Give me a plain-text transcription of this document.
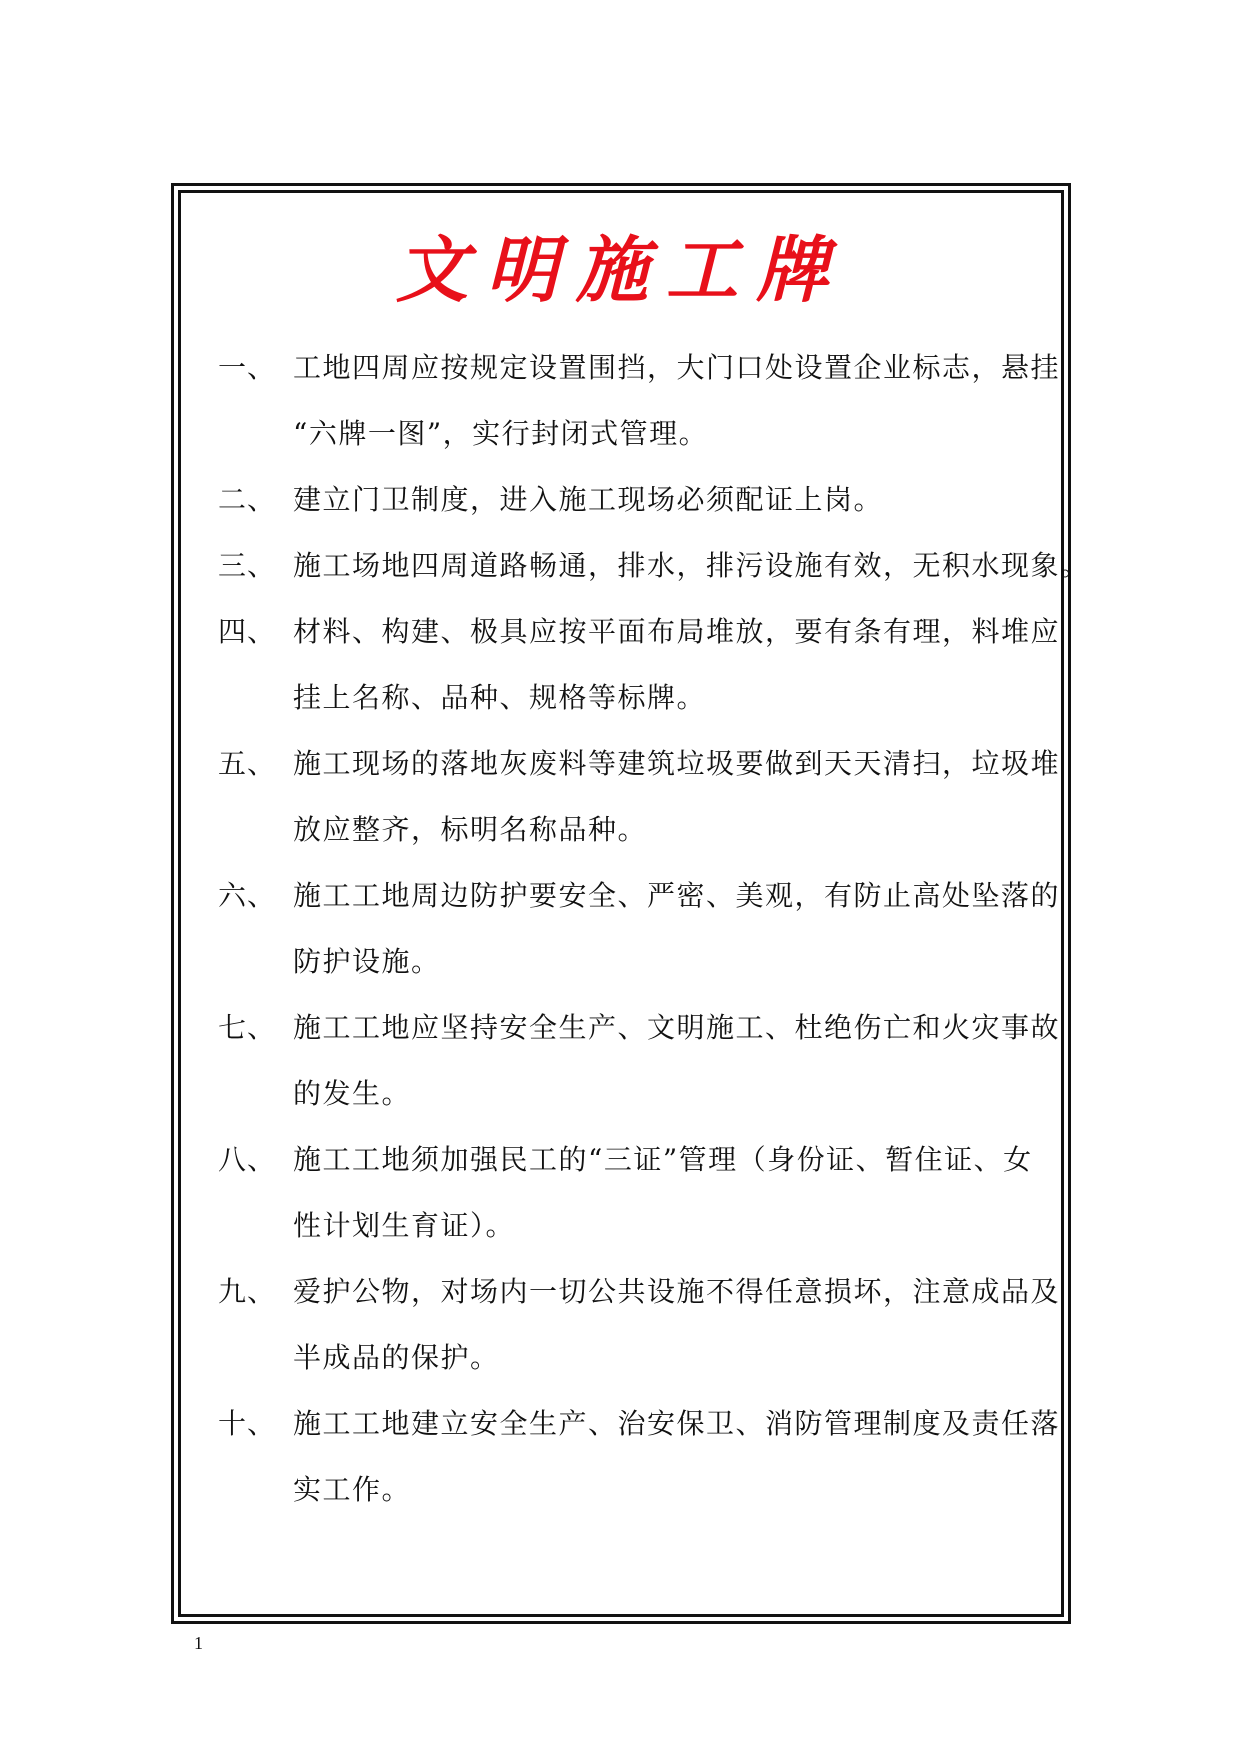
文明施工牌
一、 工地四周应按规定设置围挡，大门口处设置企业标志，悬挂
“六牌一图”，实行封闭式管理。
二、 建立门卫制度，进入施工现场必须配证上岗。
三、 施工场地四周道路畅通，排水，排污设施有效，无积水现象。
四、 材料、构建、极具应按平面布局堆放，要有条有理，料堆应
挂上名称、品种、规格等标牌。
五、 施工现场的落地灰废料等建筑垃圾要做到天天清扫，垃圾堆
放应整齐，标明名称品种。
六、 施工工地周边防护要安全、严密、美观，有防止高处坠落的
防护设施。
七、 施工工地应坚持安全生产、文明施工、杜绝伤亡和火灾事故
的发生。
八、 施工工地须加强民工的“三证”管理（身份证、暂住证、女
性计划生育证）。
九、 爱护公物，对场内一切公共设施不得任意损坏，注意成品及
半成品的保护。
十、 施工工地建立安全生产、治安保卫、消防管理制度及责任落
实工作。
1
